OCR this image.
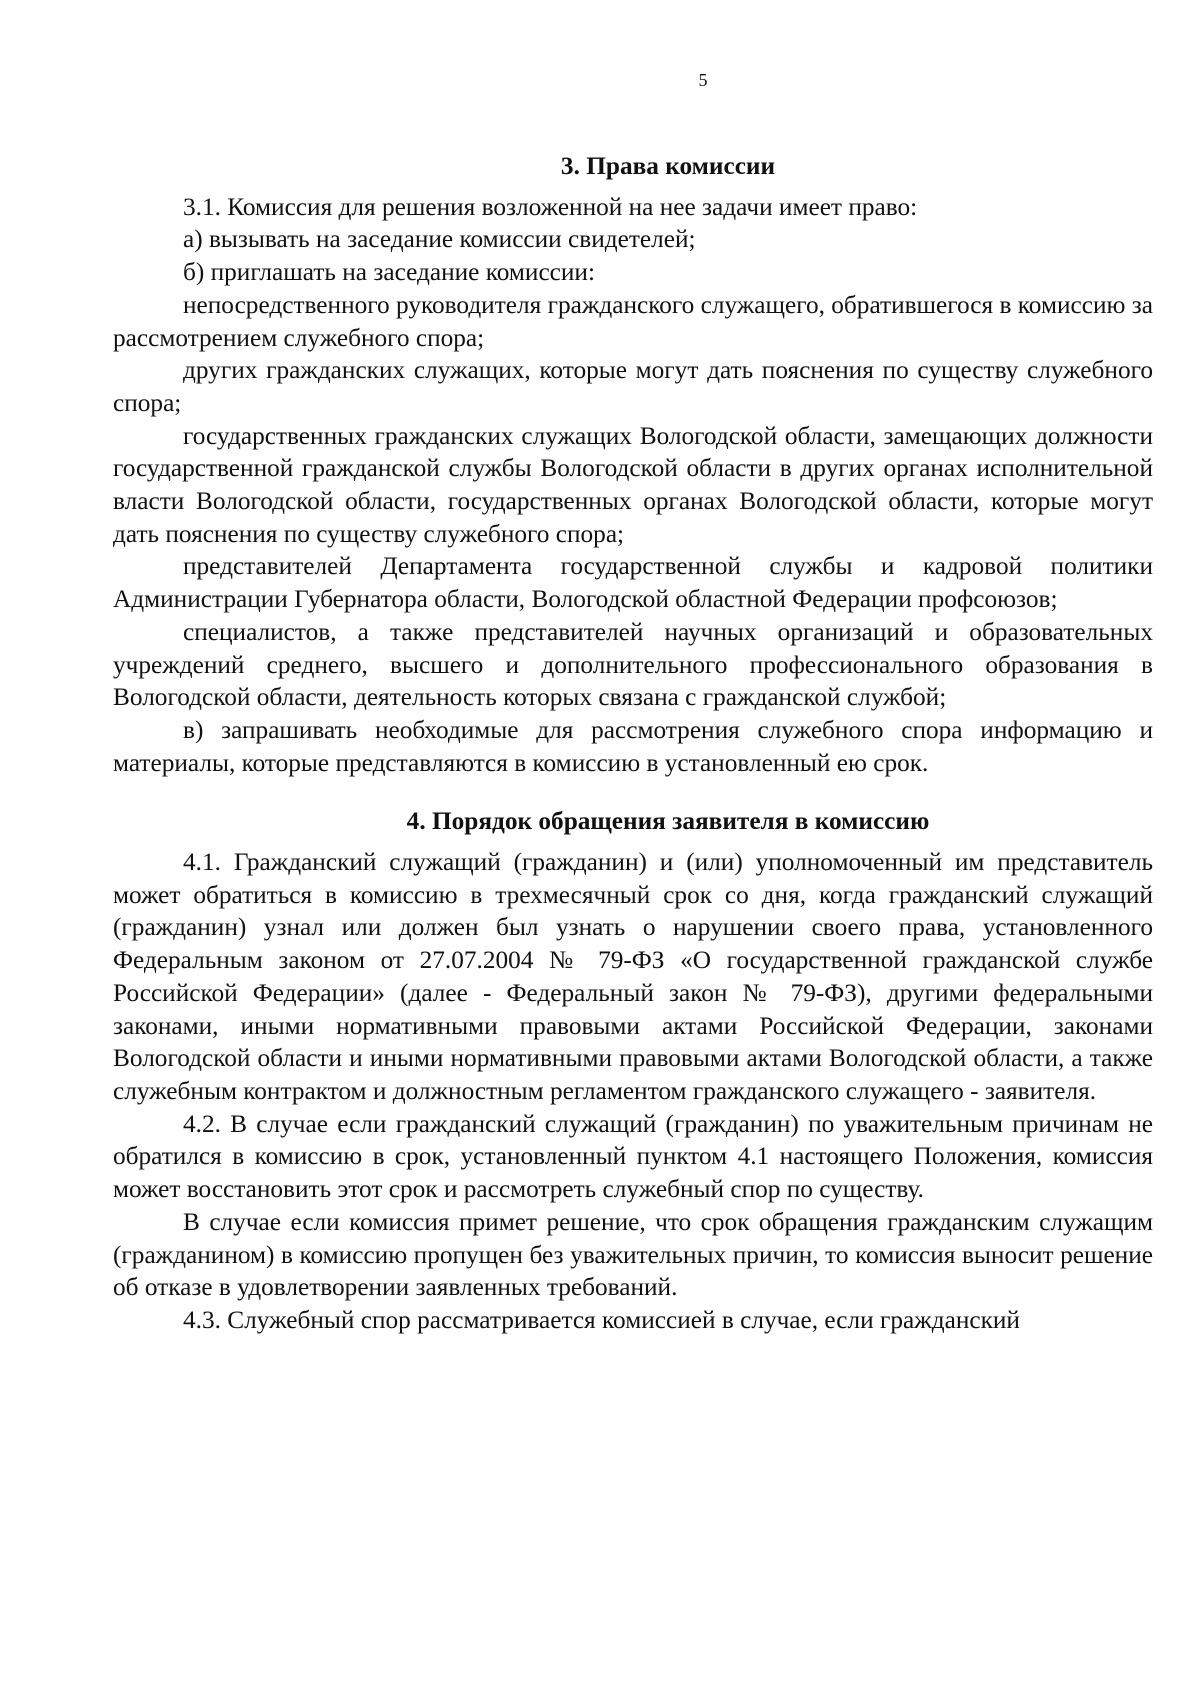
5
3. Права комиссии

3.1. Комиссия для решения возложенной на нее задачи имеет право:

а) вызывать на заседание комиссии свидетелей;

б) приглашать на заседание комиссии:

непосредственного руководителя гражданского служащего, обратившегося в комиссию за рассмотрением служебного спора;

других гражданских служащих, которые могут дать пояснения по существу служебного спора;

государственных гражданских служащих Вологодской области, замещающих должности государственной гражданской службы Вологодской области в других органах исполнительной власти Вологодской области, государственных органах Вологодской области, которые могут дать пояснения по существу служебного спора;

представителей Департамента государственной службы и кадровой политики Администрации Губернатора области, Вологодской областной Федерации профсоюзов;

специалистов, а также представителей научных организаций и образовательных учреждений среднего, высшего и дополнительного профессионального образования в Вологодской области, деятельность которых связана с гражданской службой;

в) запрашивать необходимые для рассмотрения служебного спора информацию и материалы, которые представляются в комиссию в установленный ею срок.

4. Порядок обращения заявителя в комиссию

4.1. Гражданский служащий (гражданин) и (или) уполномоченный им представитель может обратиться в комиссию в трехмесячный срок со дня, когда гражданский служащий (гражданин) узнал или должен был узнать о нарушении своего права, установленного Федеральным законом от 27.07.2004 № 79-ФЗ «О государственной гражданской службе Российской Федерации» (далее - Федеральный закон № 79-ФЗ), другими федеральными законами, иными нормативными правовыми актами Российской Федерации, законами Вологодской области и иными нормативными правовыми актами Вологодской области, а также служебным контрактом и должностным регламентом гражданского служащего - заявителя.

4.2. В случае если гражданский служащий (гражданин) по уважительным причинам не обратился в комиссию в срок, установленный пунктом 4.1 настоящего Положения, комиссия может восстановить этот срок и рассмотреть служебный спор по существу.

В случае если комиссия примет решение, что срок обращения гражданским служащим (гражданином) в комиссию пропущен без уважительных причин, то комиссия выносит решение об отказе в удовлетворении заявленных требований.

4.3. Служебный спор рассматривается комиссией в случае, если гражданский
